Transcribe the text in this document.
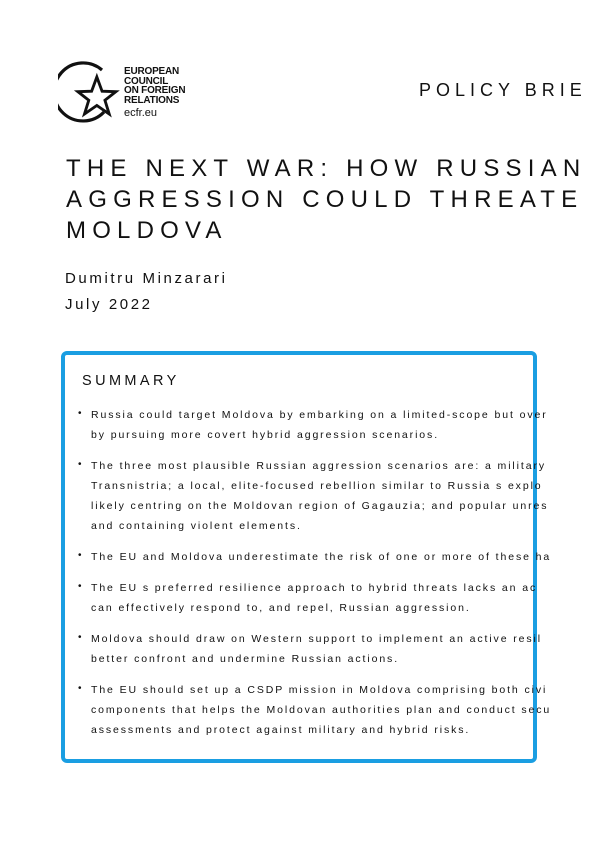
EUROPEAN
COUNCIL
ON FOREIGN
RELATIONS
ecfr.eu
POLICY BRIE
THE NEXT WAR: HOW RUSSIAN
AGGRESSION COULD THREATE
MOLDOVA
Dumitru Minzarari
July 2022
SUMMARY
• Russia could target Moldova by embarking on a limited-scope but over
by pursuing more covert hybrid aggression scenarios.
• The three most plausible Russian aggression scenarios are: a military
Transnistria; a local, elite-focused rebellion similar to Russia s explo
likely centring on the Moldovan region of Gagauzia; and popular unres
and containing violent elements.
• The EU and Moldova underestimate the risk of one or more of these ha
• The EU s preferred resilience approach to hybrid threats lacks an ac
can effectively respond to, and repel, Russian aggression.
• Moldova should draw on Western support to implement an active resil
better confront and undermine Russian actions.
• The EU should set up a CSDP mission in Moldova comprising both civi
components that helps the Moldovan authorities plan and conduct secu
assessments and protect against military and hybrid risks.
